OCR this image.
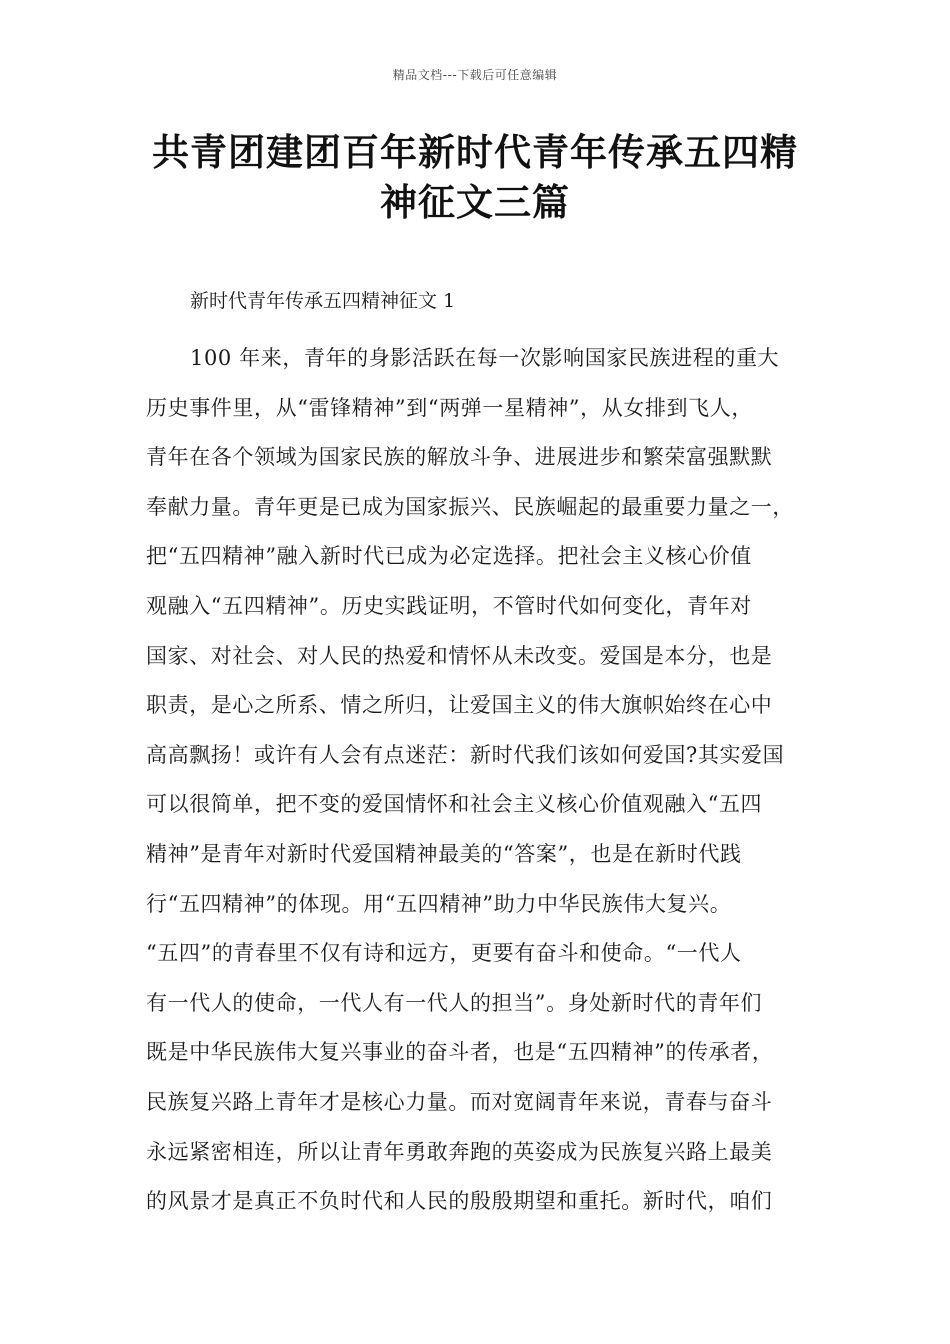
精品文档---下载后可任意编辑
共青团建团百年新时代青年传承五四精
神征文三篇
新时代青年传承五四精神征文 1
100 年来，青年的身影活跃在每一次影响国家民族进程的重大
历史事件里，从“雷锋精神”到“两弹一星精神”，从女排到飞人，
青年在各个领域为国家民族的解放斗争、进展进步和繁荣富强默默
奉献力量。青年更是已成为国家振兴、民族崛起的最重要力量之一，
把“五四精神”融入新时代已成为必定选择。把社会主义核心价值
观融入“五四精神”。历史实践证明，不管时代如何变化，青年对
国家、对社会、对人民的热爱和情怀从未改变。爱国是本分，也是
职责，是心之所系、情之所归，让爱国主义的伟大旗帜始终在心中
高高飘扬！或许有人会有点迷茫：新时代我们该如何爱国?其实爱国
可以很简单，把不变的爱国情怀和社会主义核心价值观融入“五四
精神”是青年对新时代爱国精神最美的“答案”，也是在新时代践
行“五四精神”的体现。用“五四精神”助力中华民族伟大复兴。
“五四”的青春里不仅有诗和远方，更要有奋斗和使命。“一代人
有一代人的使命，一代人有一代人的担当”。身处新时代的青年们
既是中华民族伟大复兴事业的奋斗者，也是“五四精神”的传承者，
民族复兴路上青年才是核心力量。而对宽阔青年来说，青春与奋斗
永远紧密相连，所以让青年勇敢奔跑的英姿成为民族复兴路上最美
的风景才是真正不负时代和人民的殷殷期望和重托。新时代，咱们
